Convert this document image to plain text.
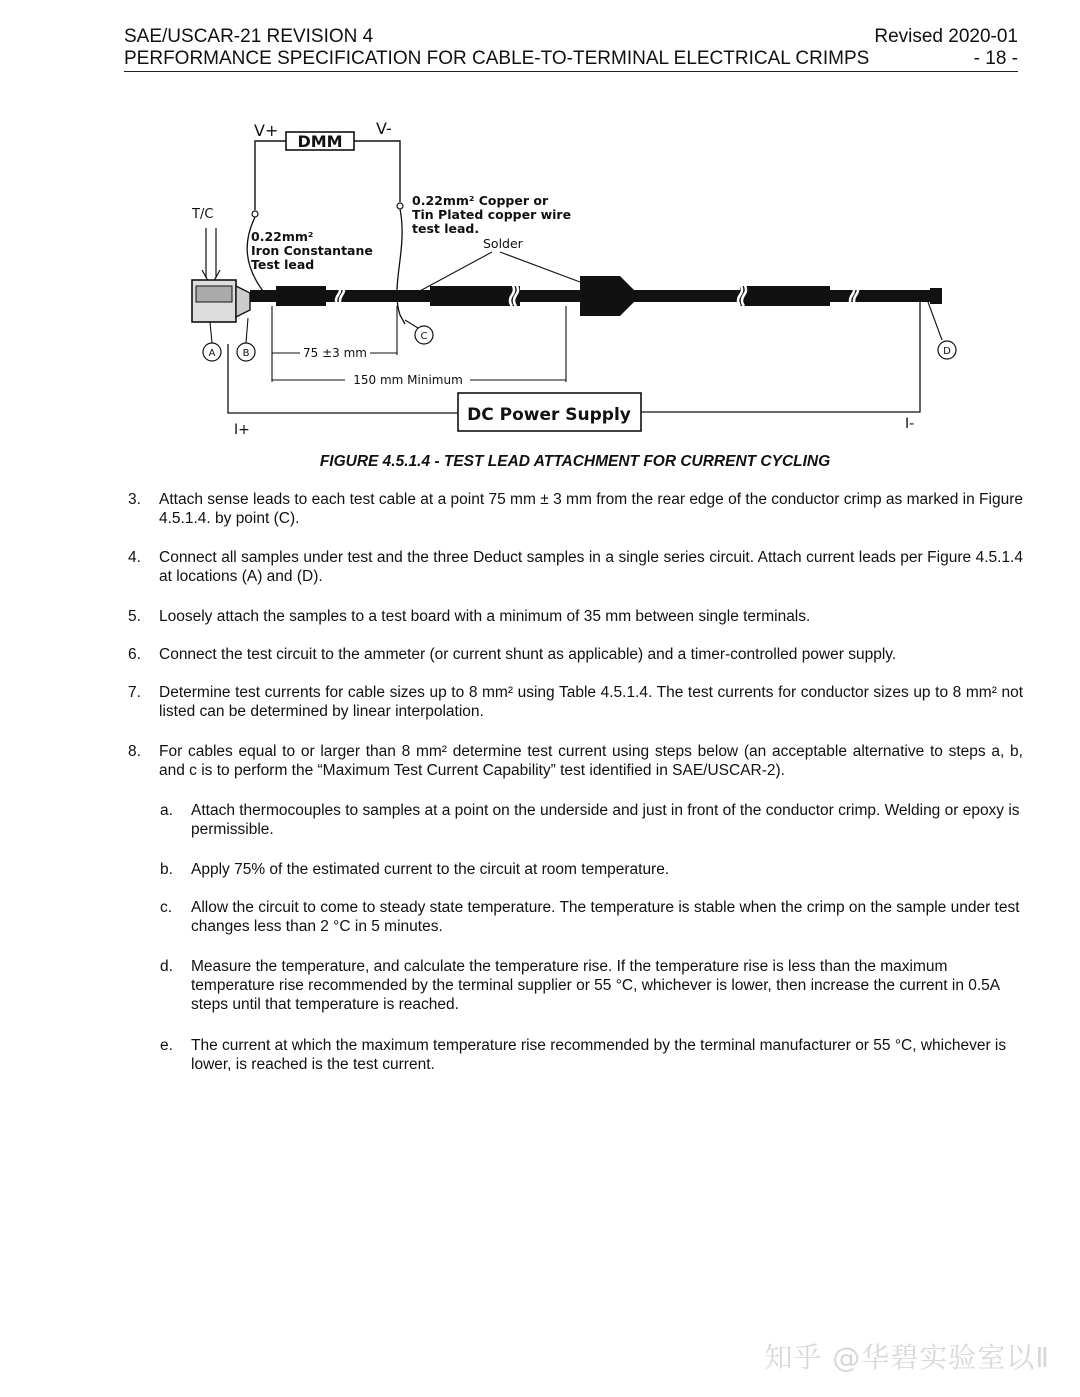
SAE/USCAR-21 REVISION 4	Revised 2020-01
PERFORMANCE SPECIFICATION FOR CABLE-TO-TERMINAL ELECTRICAL CRIMPS	- 18 -
DMM
V+	V-
T/C
0.22mm²
Iron Constantane
Test lead
0.22mm² Copper or
Tin Plated copper wire
test lead.
Solder
A	B
C
D
75 ±3 mm
150 mm Minimum
DC Power Supply
I+	I-
FIGURE 4.5.1.4 - TEST LEAD ATTACHMENT FOR CURRENT CYCLING
3. Attach sense leads to each test cable at a point 75 mm ± 3 mm from the rear edge of the conductor crimp as marked in Figure 4.5.1.4. by point (C).
4. Connect all samples under test and the three Deduct samples in a single series circuit. Attach current leads per Figure 4.5.1.4 at locations (A) and (D).
5. Loosely attach the samples to a test board with a minimum of 35 mm between single terminals.
6. Connect the test circuit to the ammeter (or current shunt as applicable) and a timer-controlled power supply.
7. Determine test currents for cable sizes up to 8 mm² using Table 4.5.1.4. The test currents for conductor sizes up to 8 mm² not listed can be determined by linear interpolation.
8. For cables equal to or larger than 8 mm² determine test current using steps below (an acceptable alternative to steps a, b, and c is to perform the “Maximum Test Current Capability” test identified in SAE/USCAR-2).
a. Attach thermocouples to samples at a point on the underside and just in front of the conductor crimp. Welding or epoxy is permissible.
b. Apply 75% of the estimated current to the circuit at room temperature.
c. Allow the circuit to come to steady state temperature. The temperature is stable when the crimp on the sample under test changes less than 2 °C in 5 minutes.
d. Measure the temperature, and calculate the temperature rise. If the temperature rise is less than the maximum temperature rise recommended by the terminal supplier or 55 °C, whichever is lower, then increase the current in 0.5A steps until that temperature is reached.
e. The current at which the maximum temperature rise recommended by the terminal manufacturer or 55 °C, whichever is lower, is reached is the test current.
知乎 @华碧实验室以Ⅱ
